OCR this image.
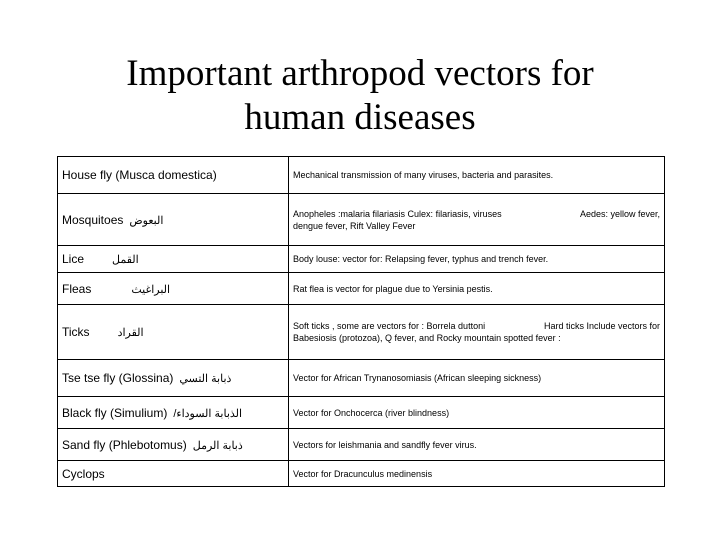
Important arthropod vectors for
human diseases
House fly (Musca domestica)	Mechanical transmission of many viruses, bacteria and parasites.
Mosquitoes البعوض	Anopheles :malaria filariasis Culex: filariasis, viruses Aedes: yellow fever,
dengue fever, Rift Valley Fever

Lice القمل	Body louse: vector for: Relapsing fever, typhus and trench fever.
Fleas البراغيث	Rat flea is vector for plague due to Yersinia pestis.
Ticks القراد	Soft ticks , some are vectors for : Borrela duttoni Hard ticks Include vectors for
Babesiosis (protozoa), Q fever, and Rocky mountain spotted fever :

Tse tse fly (Glossina) ذبابة التسي	Vector for African Trynanosomiasis (African sleeping sickness)
Black fly (Simulium) الذبابة السوداء/	Vector for Onchocerca (river blindness)
Sand fly (Phlebotomus) ذبابة الرمل	Vectors for leishmania and sandfly fever virus.
Cyclops	Vector for Dracunculus medinensis
